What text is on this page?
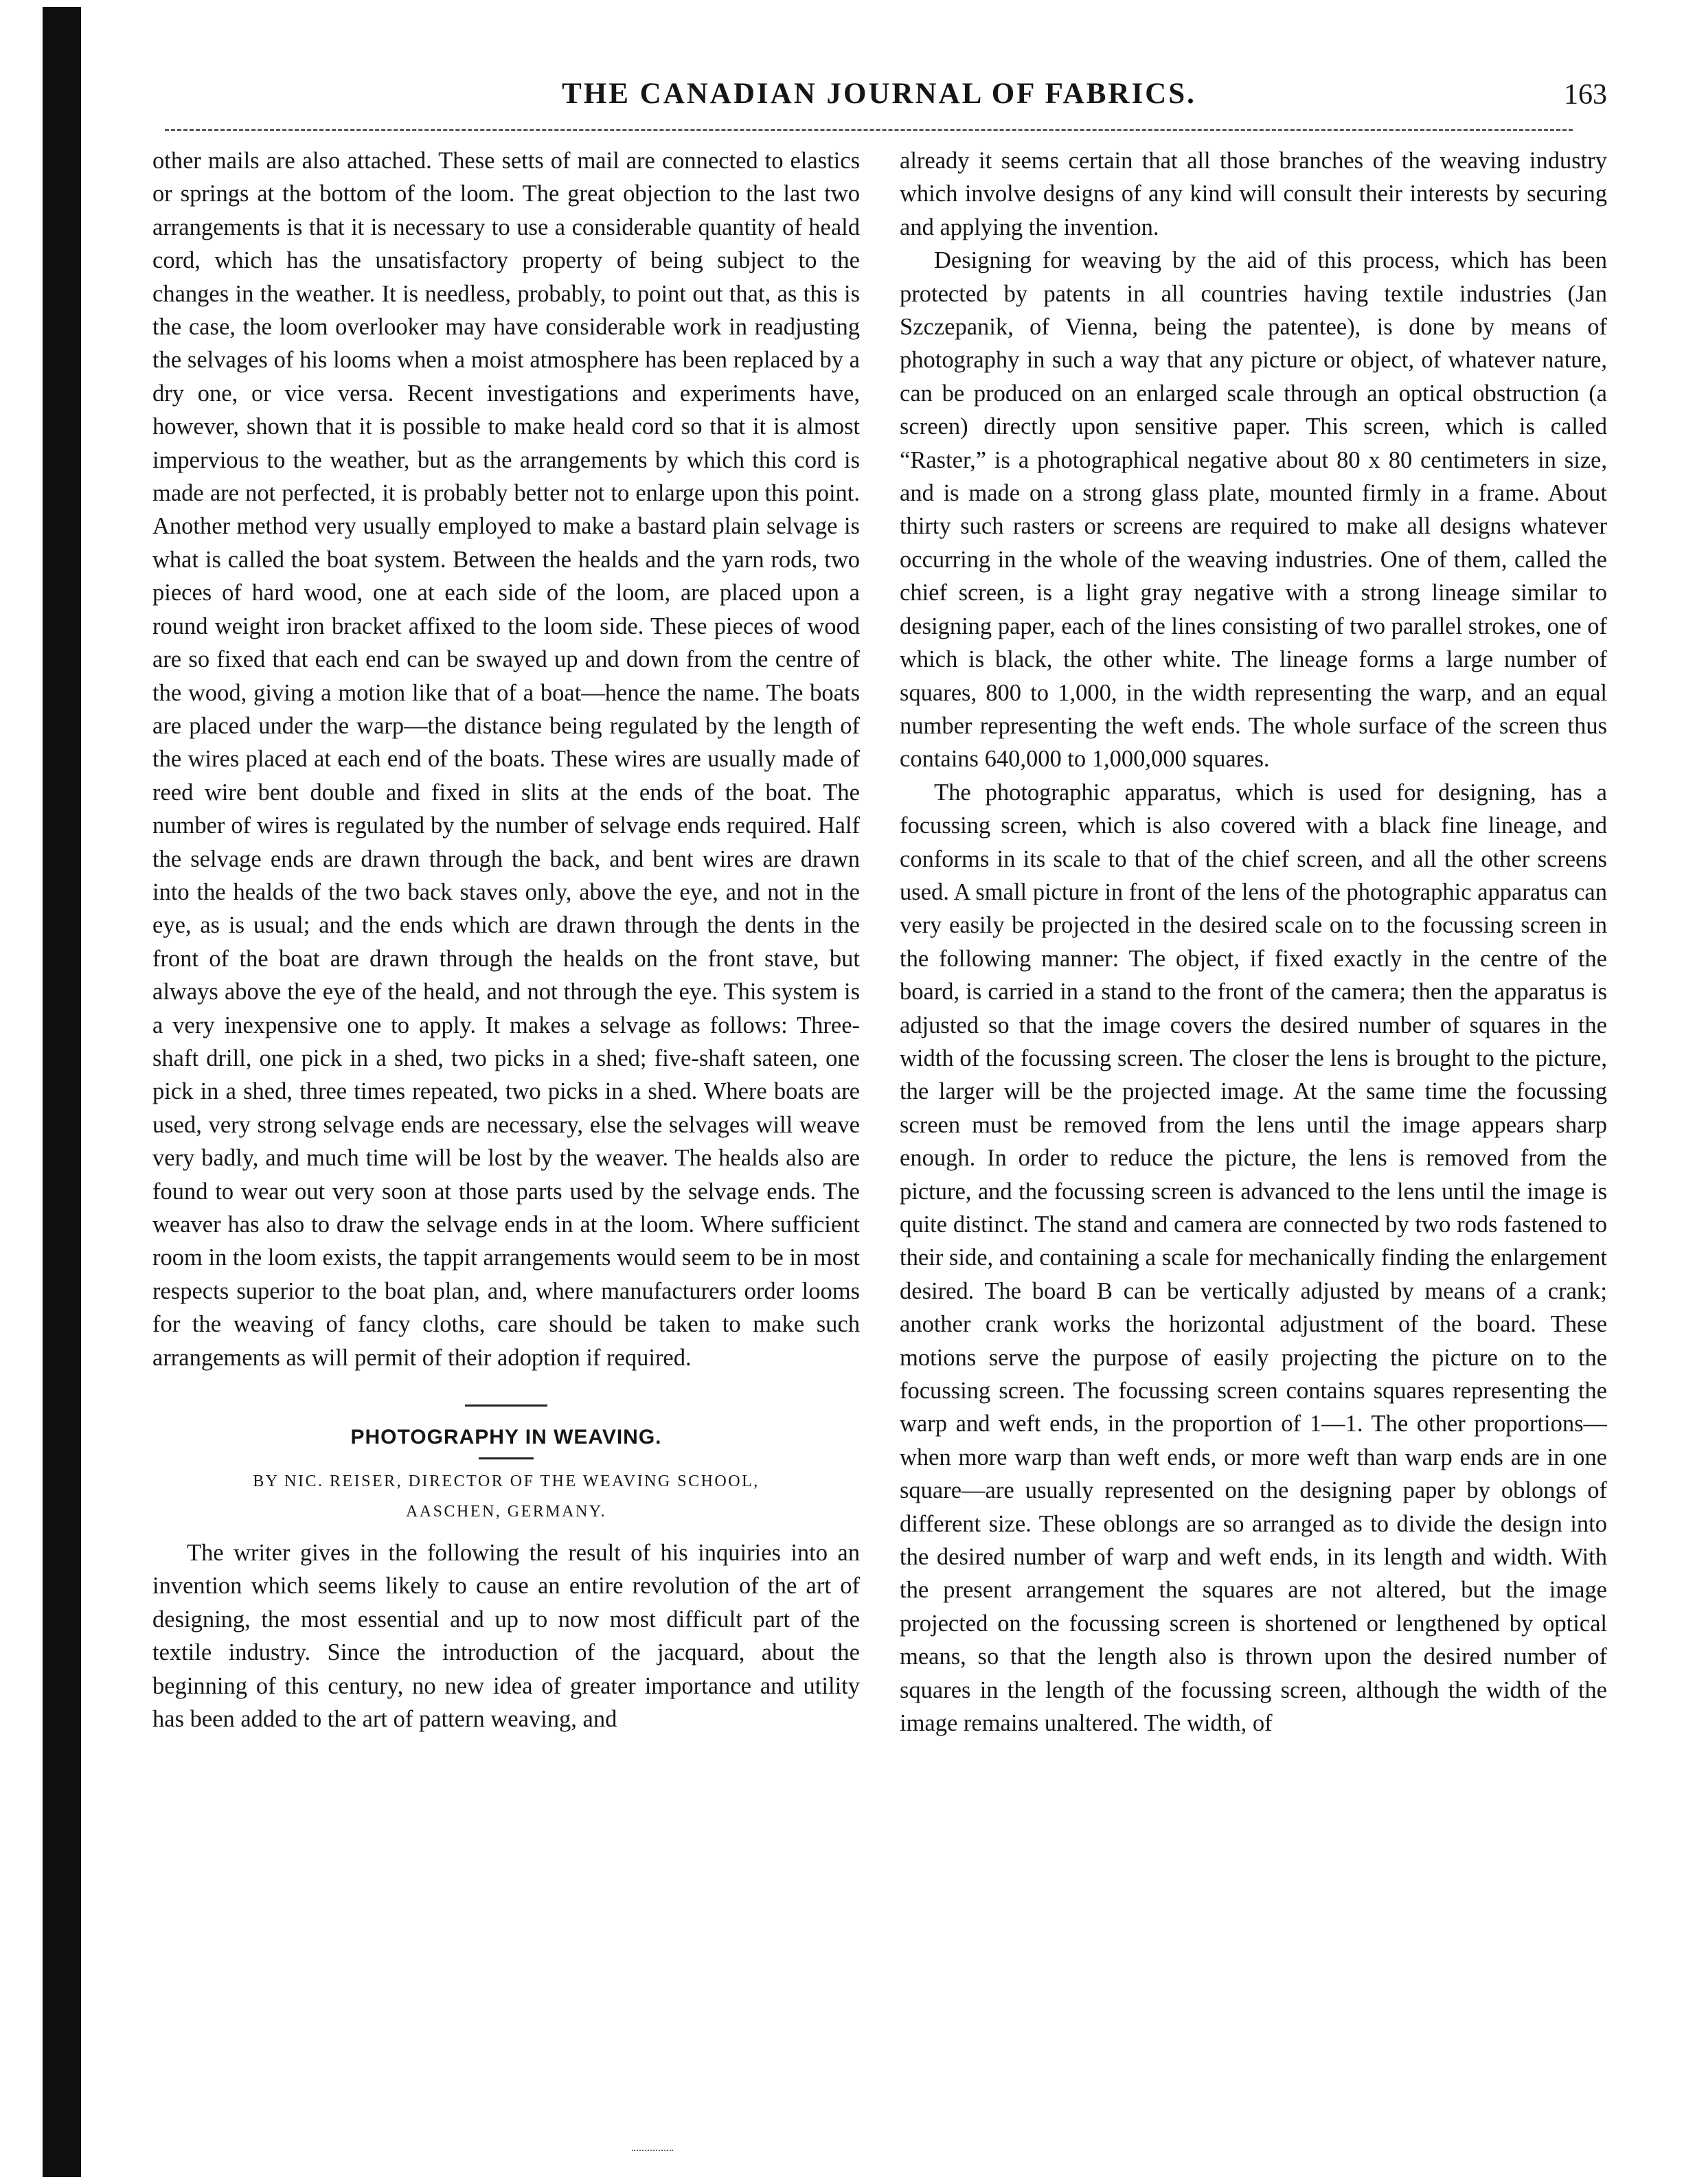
THE CANADIAN JOURNAL OF FABRICS.	163

other mails are also attached. These setts of mail are connected to elastics or springs at the bottom of the loom. The great objection to the last two arrangements is that it is necessary to use a considerable quantity of heald cord, which has the unsatisfactory property of being subject to the changes in the weather. It is needless, probably, to point out that, as this is the case, the loom overlooker may have considerable work in readjusting the selvages of his looms when a moist atmosphere has been replaced by a dry one, or vice versa. Recent investigations and experiments have, however, shown that it is possible to make heald cord so that it is almost impervious to the weather, but as the arrangements by which this cord is made are not perfected, it is probably better not to enlarge upon this point. Another method very usually employed to make a bastard plain selvage is what is called the boat system. Between the healds and the yarn rods, two pieces of hard wood, one at each side of the loom, are placed upon a round weight iron bracket affixed to the loom side. These pieces of wood are so fixed that each end can be swayed up and down from the centre of the wood, giving a motion like that of a boat—hence the name. The boats are placed under the warp—the distance being regulated by the length of the wires placed at each end of the boats. These wires are usually made of reed wire bent double and fixed in slits at the ends of the boat. The number of wires is regulated by the number of selvage ends required. Half the selvage ends are drawn through the back, and bent wires are drawn into the healds of the two back staves only, above the eye, and not in the eye, as is usual; and the ends which are drawn through the dents in the front of the boat are drawn through the healds on the front stave, but always above the eye of the heald, and not through the eye. This system is a very inexpensive one to apply. It makes a selvage as follows: Three-shaft drill, one pick in a shed, two picks in a shed; five-shaft sateen, one pick in a shed, three times repeated, two picks in a shed. Where boats are used, very strong selvage ends are necessary, else the selvages will weave very badly, and much time will be lost by the weaver. The healds also are found to wear out very soon at those parts used by the selvage ends. The weaver has also to draw the selvage ends in at the loom. Where sufficient room in the loom exists, the tappit arrangements would seem to be in most respects superior to the boat plan, and, where manufacturers order looms for the weaving of fancy cloths, care should be taken to make such arrangements as will permit of their adoption if required.

PHOTOGRAPHY IN WEAVING.
BY NIC. REISER, DIRECTOR OF THE WEAVING SCHOOL,
AASCHEN, GERMANY.

The writer gives in the following the result of his inquiries into an invention which seems likely to cause an entire revolution of the art of designing, the most essential and up to now most difficult part of the textile industry. Since the introduction of the jacquard, about the beginning of this century, no new idea of greater importance and utility has been added to the art of pattern weaving, and

already it seems certain that all those branches of the weaving industry which involve designs of any kind will consult their interests by securing and applying the invention.

Designing for weaving by the aid of this process, which has been protected by patents in all countries having textile industries (Jan Szczepanik, of Vienna, being the patentee), is done by means of photography in such a way that any picture or object, of whatever nature, can be produced on an enlarged scale through an optical obstruction (a screen) directly upon sensitive paper. This screen, which is called “Raster,” is a photographical negative about 80 x 80 centimeters in size, and is made on a strong glass plate, mounted firmly in a frame. About thirty such rasters or screens are required to make all designs whatever occurring in the whole of the weaving industries. One of them, called the chief screen, is a light gray negative with a strong lineage similar to designing paper, each of the lines consisting of two parallel strokes, one of which is black, the other white. The lineage forms a large number of squares, 800 to 1,000, in the width representing the warp, and an equal number representing the weft ends. The whole surface of the screen thus contains 640,000 to 1,000,000 squares.

The photographic apparatus, which is used for designing, has a focussing screen, which is also covered with a black fine lineage, and conforms in its scale to that of the chief screen, and all the other screens used. A small picture in front of the lens of the photographic apparatus can very easily be projected in the desired scale on to the focussing screen in the following manner: The object, if fixed exactly in the centre of the board, is carried in a stand to the front of the camera; then the apparatus is adjusted so that the image covers the desired number of squares in the width of the focussing screen. The closer the lens is brought to the picture, the larger will be the projected image. At the same time the focussing screen must be removed from the lens until the image appears sharp enough. In order to reduce the picture, the lens is removed from the picture, and the focussing screen is advanced to the lens until the image is quite distinct. The stand and camera are connected by two rods fastened to their side, and containing a scale for mechanically finding the enlargement desired. The board B can be vertically adjusted by means of a crank; another crank works the horizontal adjustment of the board. These motions serve the purpose of easily projecting the picture on to the focussing screen. The focussing screen contains squares representing the warp and weft ends, in the proportion of 1—1. The other proportions—when more warp than weft ends, or more weft than warp ends are in one square—are usually represented on the designing paper by oblongs of different size. These oblongs are so arranged as to divide the design into the desired number of warp and weft ends, in its length and width. With the present arrangement the squares are not altered, but the image projected on the focussing screen is shortened or lengthened by optical means, so that the length also is thrown upon the desired number of squares in the length of the focussing screen, although the width of the image remains unaltered. The width, of
